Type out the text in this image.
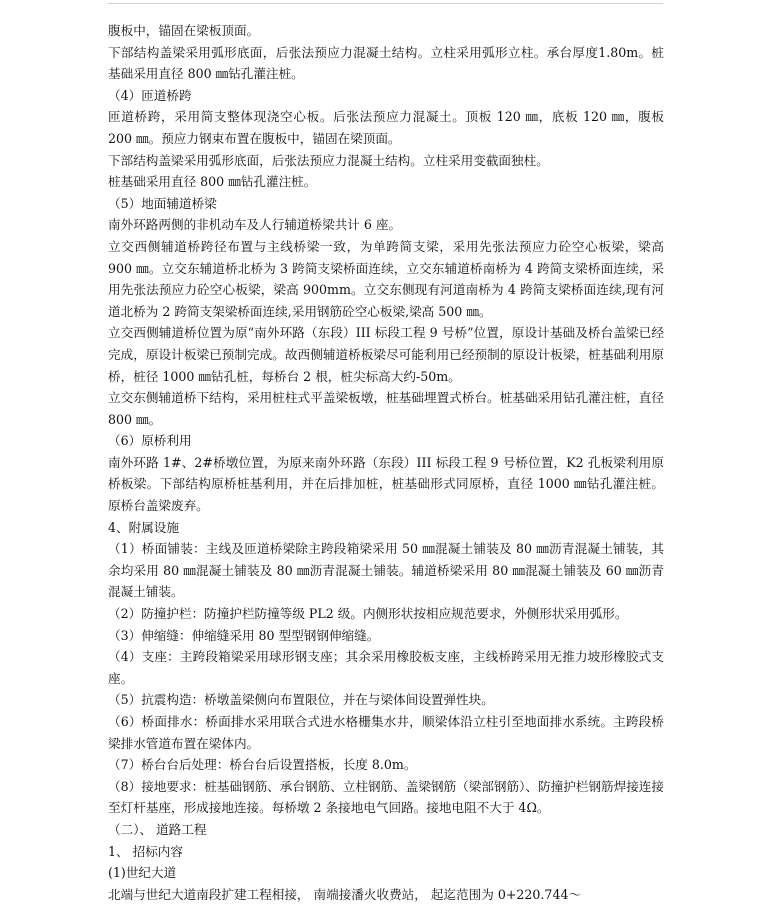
腹板中，锚固在梁板顶面。

下部结构盖梁采用弧形底面，后张法预应力混凝土结构。立柱采用弧形立柱。承台厚度1.80m。桩基础采用直径 800 ㎜钻孔灌注桩。

（4）匝道桥跨

匝道桥跨，采用简支整体现浇空心板。后张法预应力混凝土。顶板 120 ㎜，底板 120 ㎜，腹板 200 ㎜。预应力钢束布置在腹板中，锚固在梁顶面。

下部结构盖梁采用弧形底面，后张法预应力混凝土结构。立柱采用变截面独柱。

桩基础采用直径 800 ㎜钻孔灌注桩。

（5）地面辅道桥梁

南外环路两侧的非机动车及人行辅道桥梁共计 6 座。

立交西侧辅道桥跨径布置与主线桥梁一致，为单跨简支梁，采用先张法预应力砼空心板梁，梁高 900 ㎜。立交东辅道桥北桥为 3 跨简支梁桥面连续，立交东辅道桥南桥为 4 跨简支梁桥面连续，采用先张法预应力砼空心板梁，梁高 900mm。立交东侧现有河道南桥为 4 跨简支梁桥面连续,现有河道北桥为 2 跨简支架梁桥面连续,采用钢筋砼空心板梁,梁高 500 ㎜。

立交西侧辅道桥位置为原“南外环路（东段）III 标段工程 9 号桥”位置，原设计基础及桥台盖梁已经完成，原设计板梁已预制完成。故西侧辅道桥板梁尽可能利用已经预制的原设计板梁，桩基础利用原桥，桩径 1000 ㎜钻孔桩，每桥台 2 根，桩尖标高大约-50m。

立交东侧辅道桥下结构，采用桩柱式平盖梁板墩，桩基础埋置式桥台。桩基础采用钻孔灌注桩，直径 800 ㎜。

（6）原桥利用

南外环路 1#、2#桥墩位置，为原来南外环路（东段）III 标段工程 9 号桥位置，K2 孔板梁利用原桥板梁。下部结构原桥桩基利用，并在后排加桩，桩基础形式同原桥，直径 1000 ㎜钻孔灌注桩。原桥台盖梁废弃。

4、附属设施

（1）桥面铺装：主线及匝道桥梁除主跨段箱梁采用 50 ㎜混凝土铺装及 80 ㎜沥青混凝土铺装，其余均采用 80 ㎜混凝土铺装及 80 ㎜沥青混凝土铺装。辅道桥梁采用 80 ㎜混凝土铺装及 60 ㎜沥青混凝土铺装。

（2）防撞护栏：防撞护栏防撞等级 PL2 级。内侧形状按相应规范要求，外侧形状采用弧形。

（3）伸缩缝：伸缩缝采用 80 型型钢钢伸缩缝。

（4）支座：主跨段箱梁采用球形钢支座；其余采用橡胶板支座，主线桥跨采用无推力坡形橡胶式支座。

（5）抗震构造：桥墩盖梁侧向布置限位，并在与梁体间设置弹性块。

（6）桥面排水：桥面排水采用联合式进水格栅集水井，顺梁体沿立柱引至地面排水系统。主跨段桥梁排水管道布置在梁体内。

（7）桥台台后处理：桥台台后设置搭板，长度 8.0m。

（8）接地要求：桩基础钢筋、承台钢筋、立柱钢筋、盖梁钢筋（梁部钢筋）、防撞护栏钢筋焊接连接至灯杆基座，形成接地连接。每桥墩 2 条接地电气回路。接地电阻不大于 4Ω。

（二）、 道路工程

1、 招标内容

(1)世纪大道

北端与世纪大道南段扩建工程相接， 南端接潘火收费站， 起迄范围为 0+220.744～
